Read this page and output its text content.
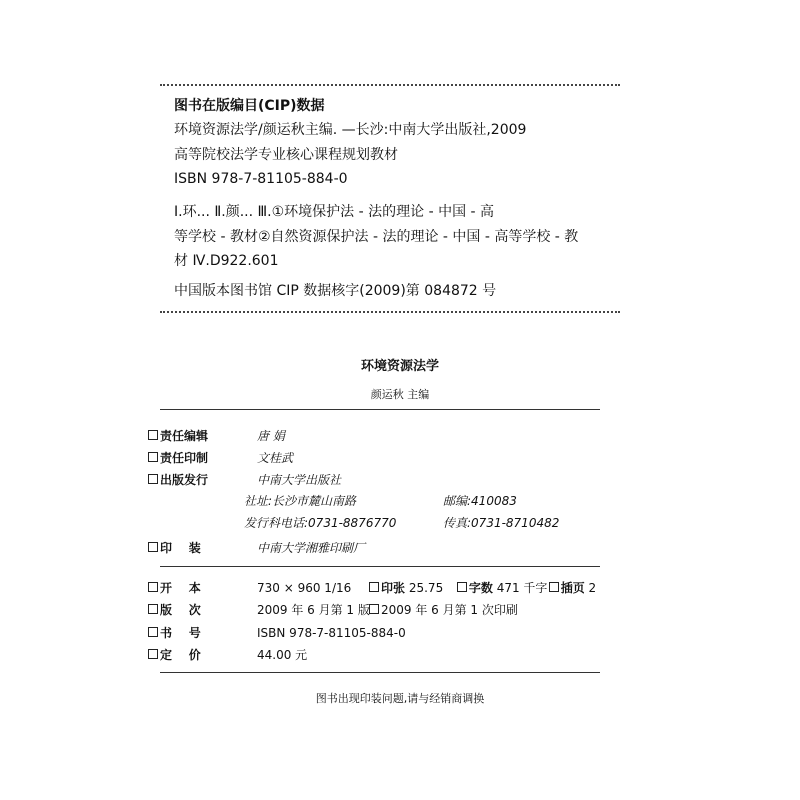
图书在版编目(CIP)数据
环境资源法学/颜运秋主编. —长沙:中南大学出版社,2009
高等院校法学专业核心课程规划教材
ISBN 978-7-81105-884-0
Ⅰ.环... Ⅱ.颜... Ⅲ.①环境保护法 - 法的理论 - 中国 - 高
等学校 - 教材②自然资源保护法 - 法的理论 - 中国 - 高等学校 - 教
材 Ⅳ.D922.601
中国版本图书馆 CIP 数据核字(2009)第 084872 号
环境资源法学
颜运秋 主编
责任编辑	唐 娟
责任印制	文桂武
出版发行	中南大学出版社
社址:长沙市麓山南路	邮编:410083
发行科电话:0731-8876770	传真:0731-8710482
印    装	中南大学湘雅印刷厂
开    本	730 × 960 1/16 印张 25.75 字数 471 千字 插页 2
版    次	2009 年 6 月第 1 版 2009 年 6 月第 1 次印刷
书    号	ISBN 978-7-81105-884-0
定    价	44.00 元
图书出现印装问题,请与经销商调换
